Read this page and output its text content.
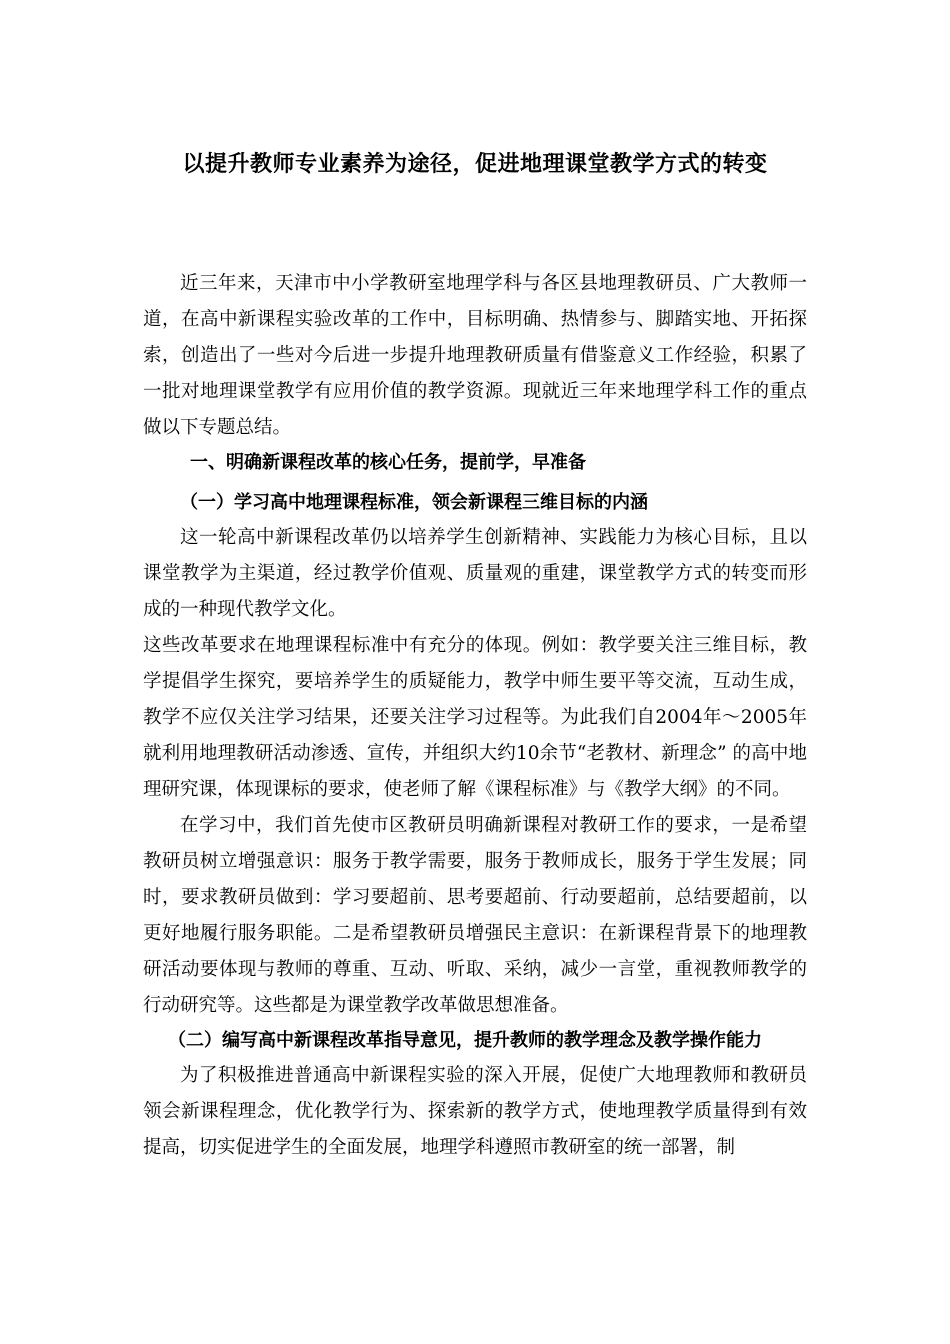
以提升教师专业素养为途径，促进地理课堂教学方式的转变

近三年来，天津市中小学教研室地理学科与各区县地理教研员、广大教师一道，在高中新课程实验改革的工作中，目标明确、热情参与、脚踏实地、开拓探索，创造出了一些对今后进一步提升地理教研质量有借鉴意义工作经验，积累了一批对地理课堂教学有应用价值的教学资源。现就近三年来地理学科工作的重点做以下专题总结。

一、明确新课程改革的核心任务，提前学，早准备

（一）学习高中地理课程标准，领会新课程三维目标的内涵

这一轮高中新课程改革仍以培养学生创新精神、实践能力为核心目标，且以课堂教学为主渠道，经过教学价值观、质量观的重建，课堂教学方式的转变而形成的一种现代教学文化。

这些改革要求在地理课程标准中有充分的体现。例如：教学要关注三维目标，教学提倡学生探究，要培养学生的质疑能力，教学中师生要平等交流，互动生成，教学不应仅关注学习结果，还要关注学习过程等。为此我们自2004年～2005年就利用地理教研活动渗透、宣传，并组织大约10余节“老教材、新理念” 的高中地理研究课，体现课标的要求，使老师了解《课程标准》与《教学大纲》的不同。

在学习中，我们首先使市区教研员明确新课程对教研工作的要求，一是希望教研员树立增强意识：服务于教学需要，服务于教师成长，服务于学生发展；同时，要求教研员做到：学习要超前、思考要超前、行动要超前，总结要超前，以更好地履行服务职能。二是希望教研员增强民主意识：在新课程背景下的地理教研活动要体现与教师的尊重、互动、听取、采纳，减少一言堂，重视教师教学的行动研究等。这些都是为课堂教学改革做思想准备。

（二）编写高中新课程改革指导意见，提升教师的教学理念及教学操作能力

为了积极推进普通高中新课程实验的深入开展，促使广大地理教师和教研员领会新课程理念，优化教学行为、探索新的教学方式，使地理教学质量得到有效提高，切实促进学生的全面发展，地理学科遵照市教研室的统一部署，制
